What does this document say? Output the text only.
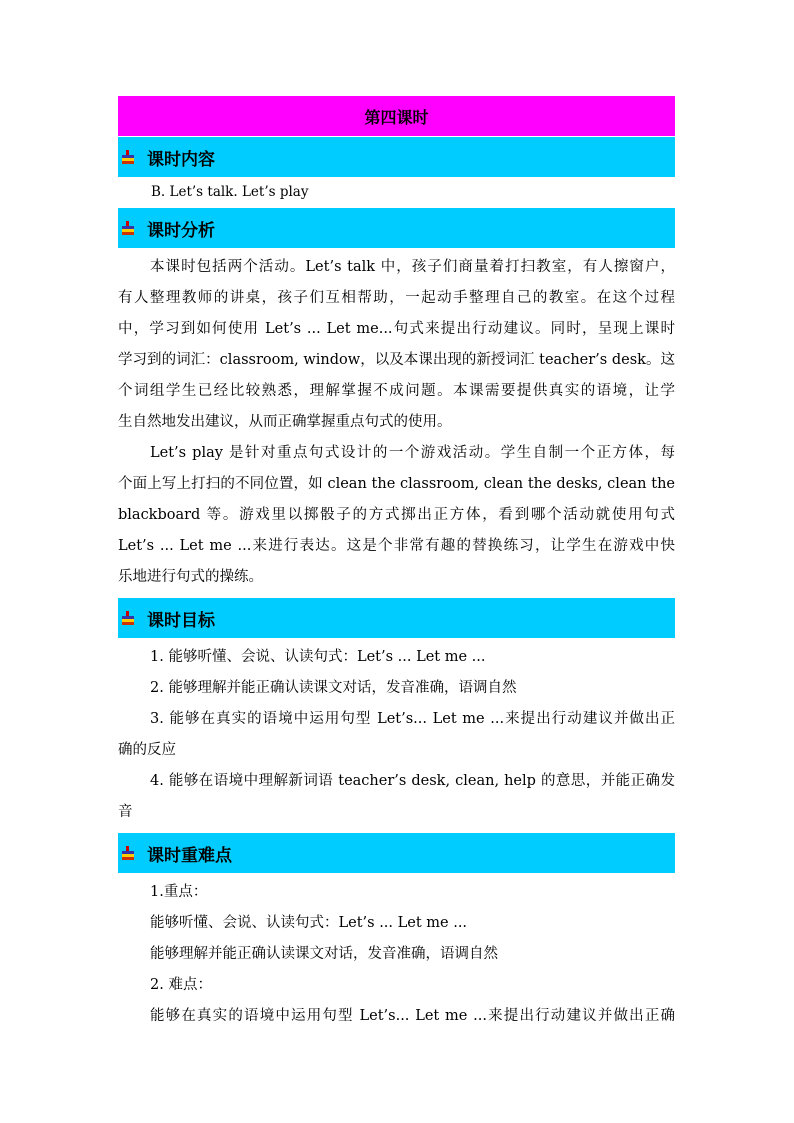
第四课时
课时内容
B. Let’s talk. Let’s play
课时分析
本课时包括两个活动。Let’s talk 中，孩子们商量着打扫教室，有人擦窗户，
有人整理教师的讲桌，孩子们互相帮助，一起动手整理自己的教室。在这个过程
中，学习到如何使用 Let’s ... Let me...句式来提出行动建议。同时，呈现上课时
学习到的词汇：classroom, window，以及本课出现的新授词汇 teacher’s desk。这
个词组学生已经比较熟悉，理解掌握不成问题。本课需要提供真实的语境，让学
生自然地发出建议，从而正确掌握重点句式的使用。
Let’s play 是针对重点句式设计的一个游戏活动。学生自制一个正方体，每
个面上写上打扫的不同位置，如 clean the classroom, clean the desks, clean the
blackboard 等。游戏里以掷骰子的方式掷出正方体，看到哪个活动就使用句式
Let’s ... Let me ...来进行表达。这是个非常有趣的替换练习，让学生在游戏中快
乐地进行句式的操练。
课时目标
1. 能够听懂、会说、认读句式：Let’s ... Let me ...
2. 能够理解并能正确认读课文对话，发音准确，语调自然
3. 能够在真实的语境中运用句型 Let’s... Let me ...来提出行动建议并做出正
确的反应
4. 能够在语境中理解新词语 teacher’s desk, clean, help 的意思，并能正确发
音
课时重难点
1.重点：
能够听懂、会说、认读句式：Let’s ... Let me ...
能够理解并能正确认读课文对话，发音准确，语调自然
2. 难点：
能够在真实的语境中运用句型 Let’s... Let me ...来提出行动建议并做出正确
